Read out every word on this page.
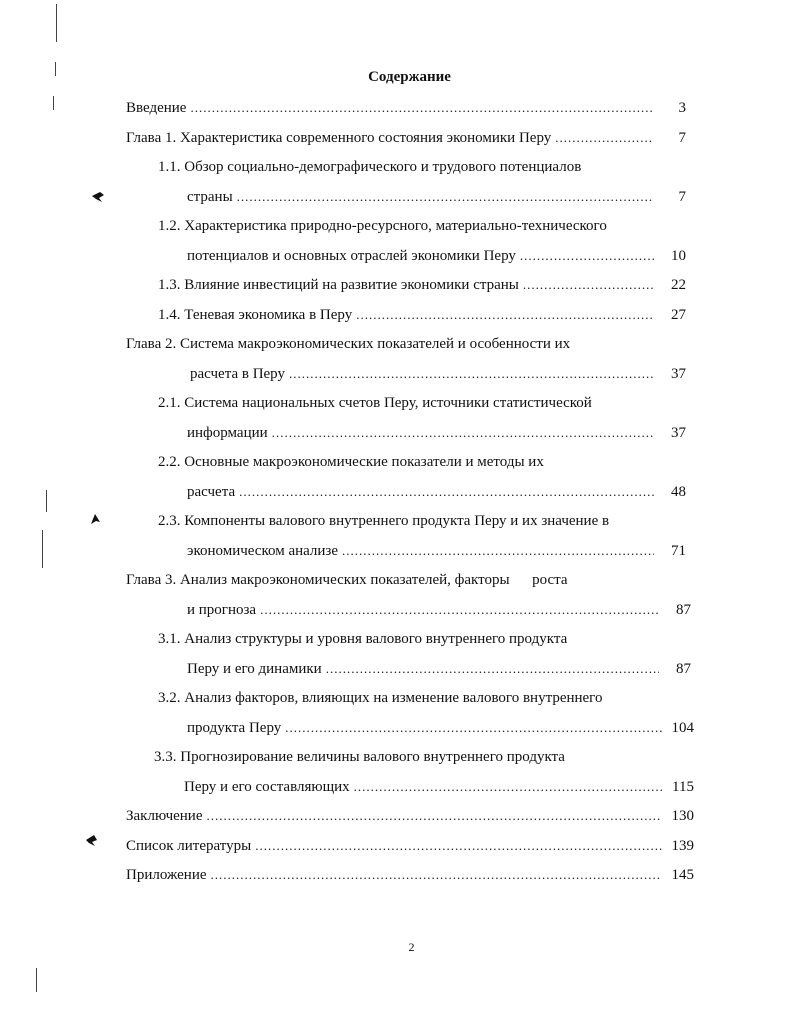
Содержание
Введение .....	3
Глава 1. Характеристика современного состояния экономики Перу .....	7
1.1. Обзор социально-демографического и трудового потенциалов
страны .....	7
1.2. Характеристика природно-ресурсного, материально-технического
потенциалов и основных отраслей экономики Перу .....	10
1.3. Влияние инвестиций на развитие экономики страны .....	22
1.4. Теневая экономика в Перу .....	27
Глава 2. Система макроэкономических показателей и особенности их
расчета в Перу .....	37
2.1. Система национальных счетов Перу, источники статистической
информации .....	37
2.2. Основные макроэкономические показатели и методы их
расчета .....	48
2.3. Компоненты валового внутреннего продукта Перу и их значение в
экономическом анализе .....	71
Глава 3. Анализ макроэкономических показателей, факторы      роста
и прогноза .....	87
3.1. Анализ структуры и уровня валового внутреннего продукта
Перу и его динамики .....	87
3.2. Анализ факторов, влияющих на изменение валового внутреннего
продукта Перу .....	104
3.3. Прогнозирование величины валового внутреннего продукта
Перу и его составляющих .....	115
Заключение .....	130
Список литературы .....	139
Приложение .....	145
2
